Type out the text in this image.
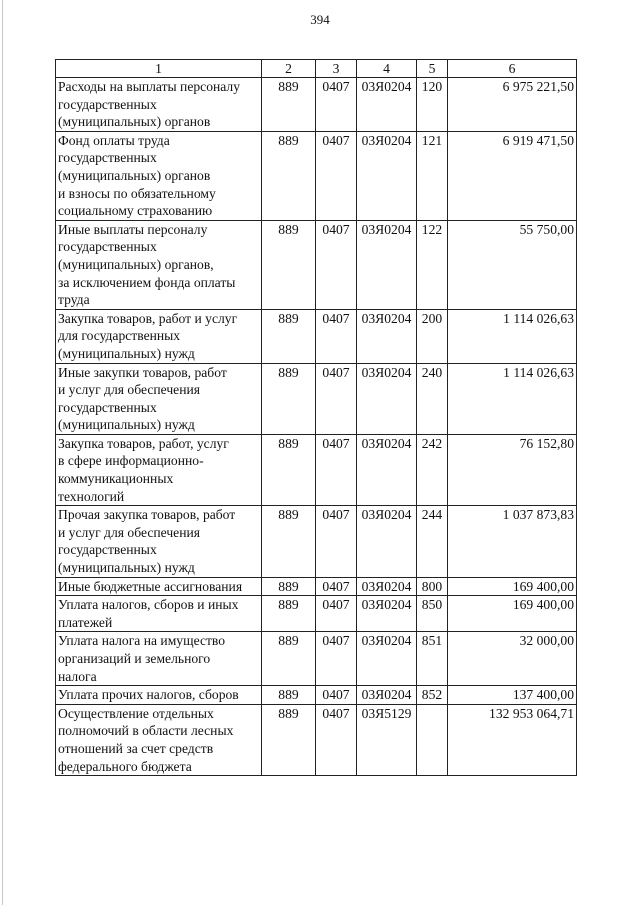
394
1	2	3	4	5	6
Расходы на выплаты персоналу
государственных
(муниципальных) органов	889	0407	03Я0204	120	6 975 221,50
Фонд оплаты труда
государственных
(муниципальных) органов
и взносы по обязательному
социальному страхованию	889	0407	03Я0204	121	6 919 471,50
Иные выплаты персоналу
государственных
(муниципальных) органов,
за исключением фонда оплаты
труда	889	0407	03Я0204	122	55 750,00
Закупка товаров, работ и услуг
для государственных
(муниципальных) нужд	889	0407	03Я0204	200	1 114 026,63
Иные закупки товаров, работ
и услуг для обеспечения
государственных
(муниципальных) нужд	889	0407	03Я0204	240	1 114 026,63
Закупка товаров, работ, услуг
в сфере информационно-
коммуникационных
технологий	889	0407	03Я0204	242	76 152,80
Прочая закупка товаров, работ
и услуг для обеспечения
государственных
(муниципальных) нужд	889	0407	03Я0204	244	1 037 873,83
Иные бюджетные ассигнования	889	0407	03Я0204	800	169 400,00
Уплата налогов, сборов и иных
платежей	889	0407	03Я0204	850	169 400,00
Уплата налога на имущество
организаций и земельного
налога	889	0407	03Я0204	851	32 000,00
Уплата прочих налогов, сборов	889	0407	03Я0204	852	137 400,00
Осуществление отдельных
полномочий в области лесных
отношений за счет средств
федерального бюджета	889	0407	03Я5129		132 953 064,71
